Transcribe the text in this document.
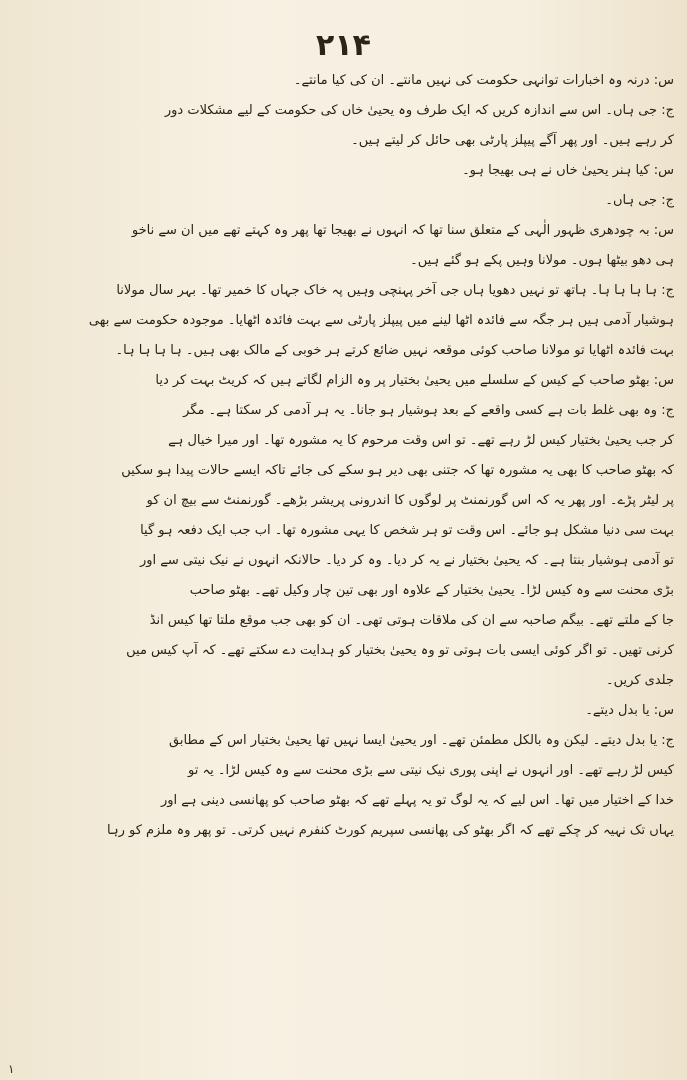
۲۱۴
س: درنہ وہ اخبارات توانہی حکومت کی نہیں مانتے۔ ان کی کیا مانتے۔
ج: جی ہاں۔ اس سے اندازہ کریں کہ ایک طرف وہ یحییٰ خاں کی حکومت کے لیے مشکلات دور
کر رہے ہیں۔ اور پھر آگے پیپلز پارٹی بھی حائل کر لیتے ہیں۔
س: کیا ہنر یحییٰ خاں نے ہی بھیجا ہو۔
ج: جی ہاں۔
س: بہ چودھری ظہور الٰہی کے متعلق سنا تھا کہ انہوں نے بھیجا تھا پھر وہ کہتے تھے میں ان سے ناخو
ہی دھو بیٹھا ہوں۔ مولانا وہیں پکے ہو گئے ہیں۔
ج: ہا ہا ہا ہا۔ ہاتھ تو نہیں دھویا ہاں جی آخر پہنچی وہیں پہ خاک جہاں کا خمیر تھا۔ بہر سال مولانا
ہوشیار آدمی ہیں ہر جگہ سے فائدہ اٹھا لینے میں پیپلز پارٹی سے بہت فائدہ اٹھایا۔ موجودہ حکومت سے بھی
بہت فائدہ اٹھایا تو مولانا صاحب کوئی موقعہ نہیں ضائع کرتے ہر خوبی کے مالک بھی ہیں۔ ہا ہا ہا ہا۔
س: بھٹو صاحب کے کیس کے سلسلے میں یحییٰ بختیار پر وہ الزام لگاتے ہیں کہ کریٹ بہت کر دیا
ج: وہ بھی غلط بات ہے کسی واقعے کے بعد ہوشیار ہو جانا۔ یہ ہر آدمی کر سکتا ہے۔ مگر
کر جب یحییٰ بختیار کیس لڑ رہے تھے۔ تو اس وقت مرحوم کا یہ مشورہ تھا۔ اور میرا خیال ہے
کہ بھٹو صاحب کا بھی یہ مشورہ تھا کہ جتنی بھی دیر ہو سکے کی جائے تاکہ ایسے حالات پیدا ہو سکیں
پر لیٹر پڑے۔ اور پھر یہ کہ اس گورنمنٹ پر لوگوں کا اندرونی پریشر بڑھے۔ گورنمنٹ سے بیچ ان کو
بہت سی دنیا مشکل ہو جائے۔ اس وقت تو ہر شخص کا یہی مشورہ تھا۔ اب جب ایک دفعہ ہو گیا
تو آدمی ہوشیار بنتا ہے۔ کہ یحییٰ بختیار نے یہ کر دیا۔ وہ کر دیا۔ حالانکہ انہوں نے نیک نیتی سے اور
بڑی محنت سے وہ کیس لڑا۔ یحییٰ بختیار کے علاوہ اور بھی تین چار وکیل تھے۔ بھٹو صاحب
جا کے ملتے تھے۔ بیگم صاحبہ سے ان کی ملاقات ہوتی تھی۔ ان کو بھی جب موقع ملتا تھا کیس انڈ
کرنی تھیں۔ تو اگر کوئی ایسی بات ہوتی تو وہ یحییٰ بختیار کو ہدایت دے سکتے تھے۔ کہ آپ کیس میں
جلدی کریں۔
س: یا بدل دیتے۔
ج: یا بدل دیتے۔ لیکن وہ بالکل مطمئن تھے۔ اور یحییٰ ایسا نہیں تھا یحییٰ بختیار اس کے مطابق
کیس لڑ رہے تھے۔ اور انہوں نے اپنی پوری نیک نیتی سے بڑی محنت سے وہ کیس لڑا۔ یہ تو
خدا کے اختیار میں تھا۔ اس لیے کہ یہ لوگ تو یہ پہلے تھے کہ بھٹو صاحب کو پھانسی دینی ہے اور
یہاں تک نہیہ کر چکے تھے کہ اگر بھٹو کی پھانسی سپریم کورٹ کنفرم نہیں کرتی۔ تو پھر وہ ملزم کو رہا
۱
